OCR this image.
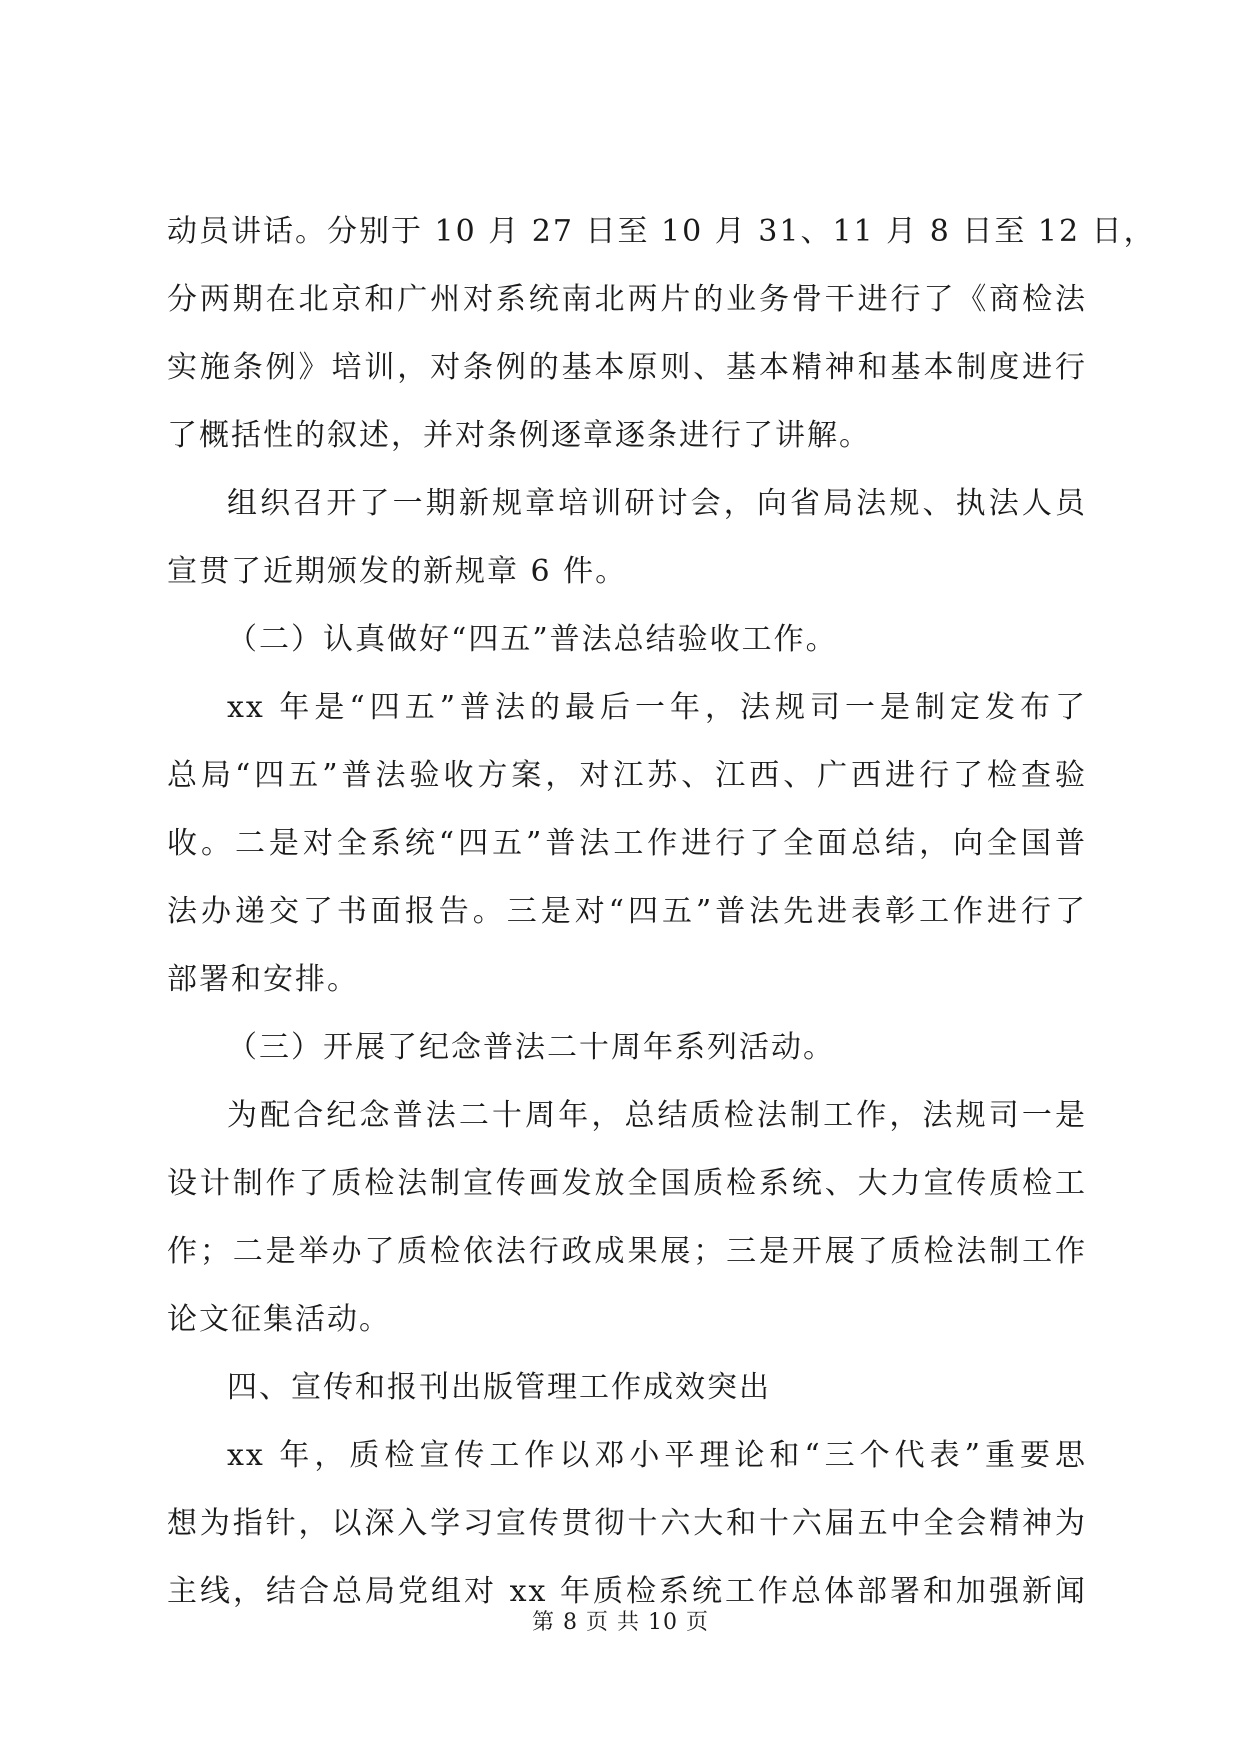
动员讲话。分别于 10 月 27 日至 10 月 31、11 月 8 日至 12 日，
分两期在北京和广州对系统南北两片的业务骨干进行了《商检法
实施条例》培训，对条例的基本原则、基本精神和基本制度进行
了概括性的叙述，并对条例逐章逐条进行了讲解。
组织召开了一期新规章培训研讨会，向省局法规、执法人员
宣贯了近期颁发的新规章 6 件。
（二）认真做好“四五”普法总结验收工作。
xx 年是“四五”普法的最后一年，法规司一是制定发布了
总局“四五”普法验收方案，对江苏、江西、广西进行了检查验
收。二是对全系统“四五”普法工作进行了全面总结，向全国普
法办递交了书面报告。三是对“四五”普法先进表彰工作进行了
部署和安排。
（三）开展了纪念普法二十周年系列活动。
为配合纪念普法二十周年，总结质检法制工作，法规司一是
设计制作了质检法制宣传画发放全国质检系统、大力宣传质检工
作；二是举办了质检依法行政成果展；三是开展了质检法制工作
论文征集活动。
四、宣传和报刊出版管理工作成效突出
xx 年，质检宣传工作以邓小平理论和“三个代表”重要思
想为指针，以深入学习宣传贯彻十六大和十六届五中全会精神为
主线，结合总局党组对 xx 年质检系统工作总体部署和加强新闻
第 8 页 共 10 页
